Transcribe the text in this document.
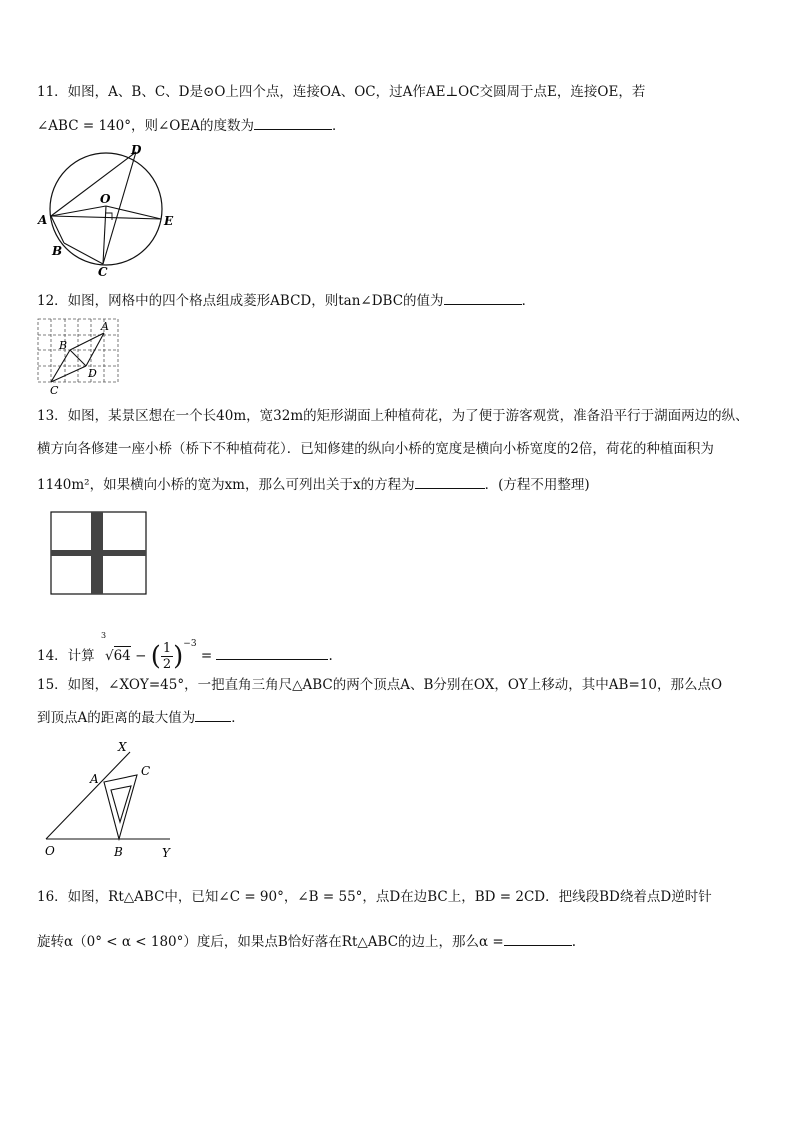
11．如图，A、B、C、D是⊙O上四个点，连接OA、OC，过A作AE⊥OC交圆周于点E，连接OE，若
∠ABC = 140°，则∠OEA的度数为	．
D
O
A	E
B
C
12．如图，网格中的四个格点组成菱形ABCD，则tan∠DBC的值为	．
A
B
D
C
13．如图，某景区想在一个长40m，宽32m的矩形湖面上种植荷花，为了便于游客观赏，准备沿平行于湖面两边的纵、
横方向各修建一座小桥（桥下不种植荷花）．已知修建的纵向小桥的宽度是横向小桥宽度的2倍，荷花的种植面积为
1140m²，如果横向小桥的宽为xm，那么可列出关于x的方程为	．(方程不用整理)
14．计算
3
√64 − ( $\frac{1}{2} )^{-3}$ =	.
15．如图，∠XOY=45°，一把直角三角尺△ABC的两个顶点A、B分别在OX，OY上移动，其中AB=10，那么点O
到顶点A的距离的最大值为	．
X
A
C
O	B	Y
16．如图，Rt△ABC中，已知∠C = 90°，∠B = 55°，点D在边BC上，BD = 2CD．把线段BD绕着点D逆时针
旋转α（0° < α < 180°）度后，如果点B恰好落在Rt△ABC的边上，那么α =	.
